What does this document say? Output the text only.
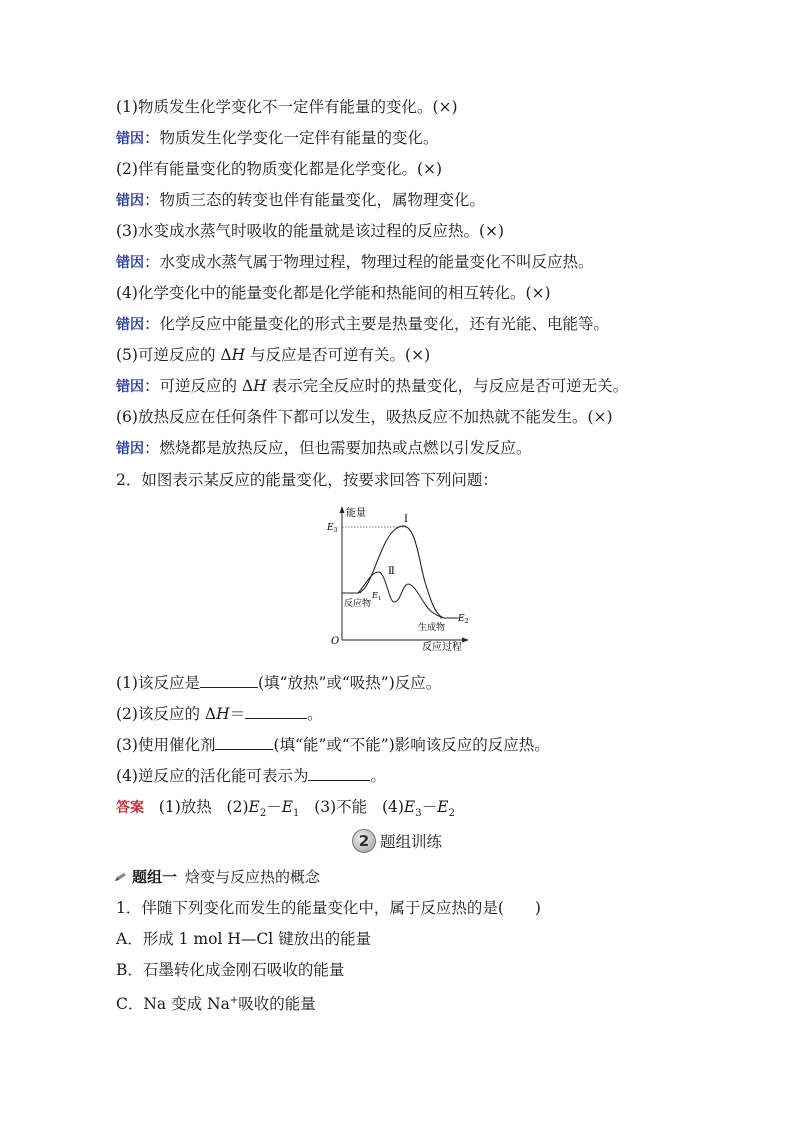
(1)物质发生化学变化不一定伴有能量的变化。(×)
错因：物质发生化学变化一定伴有能量的变化。
(2)伴有能量变化的物质变化都是化学变化。(×)
错因：物质三态的转变也伴有能量变化，属物理变化。
(3)水变成水蒸气时吸收的能量就是该过程的反应热。(×)
错因：水变成水蒸气属于物理过程，物理过程的能量变化不叫反应热。
(4)化学变化中的能量变化都是化学能和热能间的相互转化。(×)
错因：化学反应中能量变化的形式主要是热量变化，还有光能、电能等。
(5)可逆反应的 ΔH 与反应是否可逆有关。(×)
错因：可逆反应的 ΔH 表示完全反应时的热量变化，与反应是否可逆无关。
(6)放热反应在任何条件下都可以发生，吸热反应不加热就不能发生。(×)
错因：燃烧都是放热反应，但也需要加热或点燃以引发反应。
2．如图表示某反应的能量变化，按要求回答下列问题：
能量
反应过程
O
$E_3$
$E_2$
$E_1$
Ⅰ
Ⅱ
反应物
生成物
(1)该反应是	(填“放热”或“吸热”)反应。
(2)该反应的 ΔH＝	。
(3)使用催化剂	(填“能”或“不能”)影响该反应的反应热。
(4)逆反应的活化能可表示为	。
答案 (1)放热 $(2)E_2-E_1$ (3)不能 $(4)E_3-E_2$
2 题组训练
题组一 焓变与反应热的概念
1．伴随下列变化而发生的能量变化中，属于反应热的是(　　)
A．形成 1 mol H—Cl 键放出的能量
B．石墨转化成金刚石吸收的能量
C．Na 变成 Na+吸收的能量
